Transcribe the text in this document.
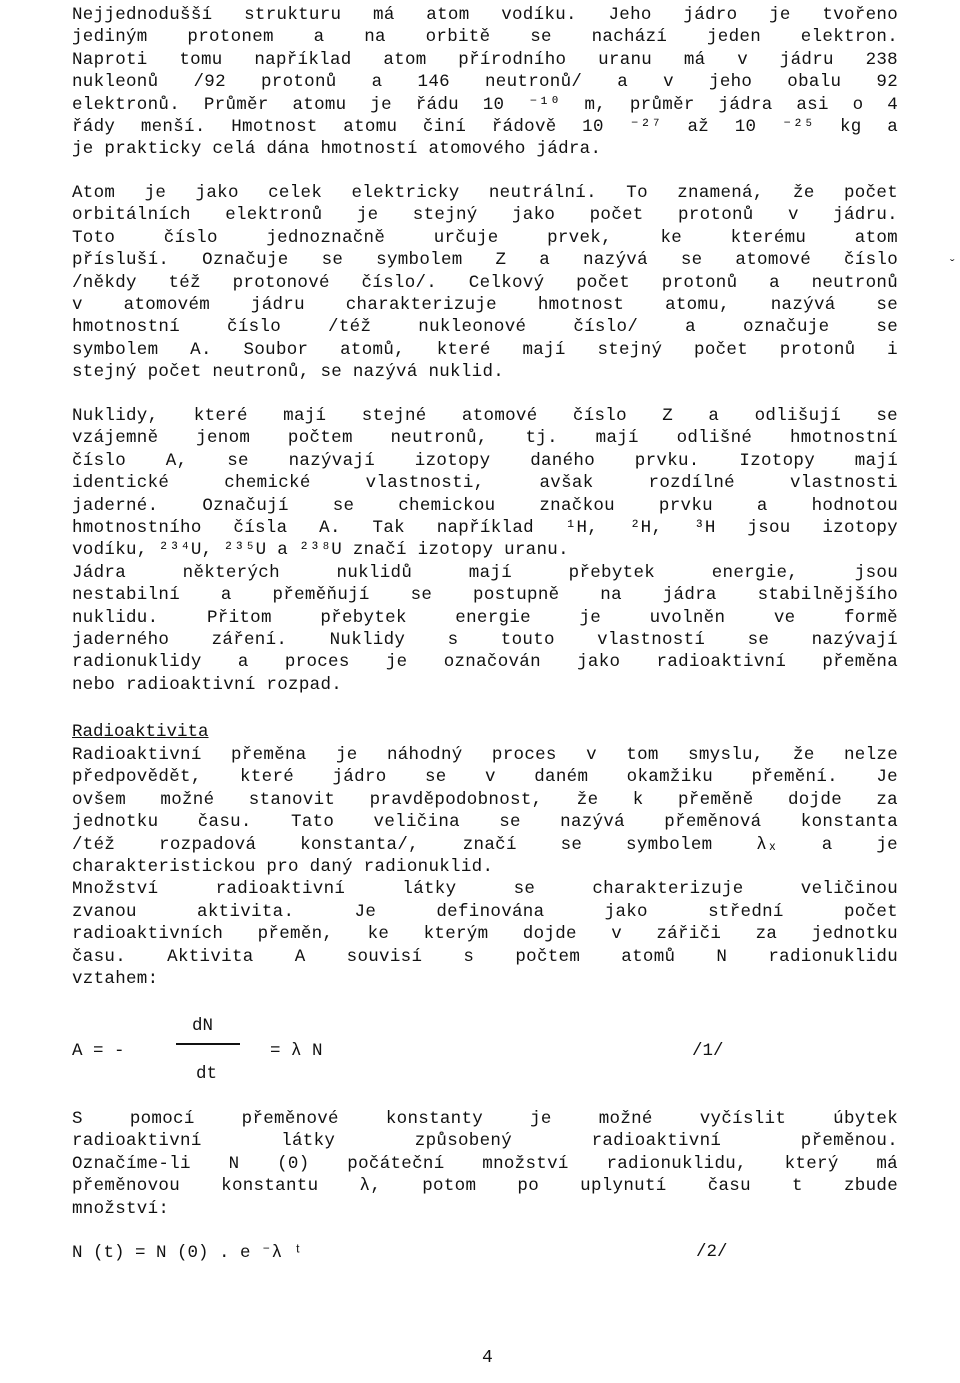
Nejjednodušší strukturu má atom vodíku. Jeho jádro je tvořeno
jediným protonem a na orbitě se nachází jeden elektron.
Naproti tomu například atom přírodního uranu má v jádru 238
nukleonů /92 protonů a 146 neutronů/ a v jeho obalu 92
elektronů. Průměr atomu je řádu 10 ⁻¹⁰ m, průměr jádra asi o 4
řády menší. Hmotnost atomu činí řádově 10 ⁻²⁷ až 10 ⁻²⁵ kg a
je prakticky celá dána hmotností atomového jádra.
Atom je jako celek elektricky neutrální. To znamená, že počet
orbitálních elektronů je stejný jako počet protonů v jádru.
Toto číslo jednoznačně určuje prvek, ke kterému atom
přísluší. Označuje se symbolem Z a nazývá se atomové číslo
/někdy též protonové číslo/. Celkový počet protonů a neutronů
v atomovém jádru charakterizuje hmotnost atomu, nazývá se
hmotnostní číslo /též nukleonové číslo/ a označuje se
symbolem A. Soubor atomů, které mají stejný počet protonů i
stejný počet neutronů, se nazývá nuklid.
Nuklidy, které mají stejné atomové číslo Z a odlišují se
vzájemně jenom počtem neutronů, tj. mají odlišné hmotnostní
číslo A, se nazývají izotopy daného prvku. Izotopy mají
identické chemické vlastnosti, avšak rozdílné vlastnosti
jaderné. Označují se chemickou značkou prvku a hodnotou
hmotnostního čísla A. Tak například ¹H, ²H, ³H jsou izotopy
vodíku, ²³⁴U, ²³⁵U a ²³⁸U značí izotopy uranu.
Jádra některých nuklidů mají přebytek energie, jsou
nestabilní a přeměňují se postupně na jádra stabilnějšího
nuklidu. Přitom přebytek energie je uvolněn ve formě
jaderného záření. Nuklidy s touto vlastností se nazývají
radionuklidy a proces je označován jako radioaktivní přeměna
nebo radioaktivní rozpad.
Radioaktivita
Radioaktivní přeměna je náhodný proces v tom smyslu, že nelze
předpovědět, které jádro se v daném okamžiku přemění. Je
ovšem možné stanovit pravděpodobnost, že k přeměně dojde za
jednotku času. Tato veličina se nazývá přeměnová konstanta
/též rozpadová konstanta/, značí se symbolem λₓ a je
charakteristickou pro daný radionuklid.
Množství radioaktivní látky se charakterizuje veličinou
zvanou aktivita. Je definována jako střední počet
radioaktivních přeměn, ke kterým dojde v zářiči za jednotku
času. Aktivita A souvisí s počtem atomů N radionuklidu
vztahem:
A = -
dN
dt
= λ N	/1/
S pomocí přeměnové konstanty je možné vyčíslit úbytek
radioaktivní látky způsobený radioaktivní přeměnou.
Označíme-li N (0) počáteční množství radionuklidu, který má
přeměnovou konstantu λ, potom po uplynutí času t zbude
množství:
N (t) = N (0) . e ⁻λ ᵗ	/2/
ˇ
4
